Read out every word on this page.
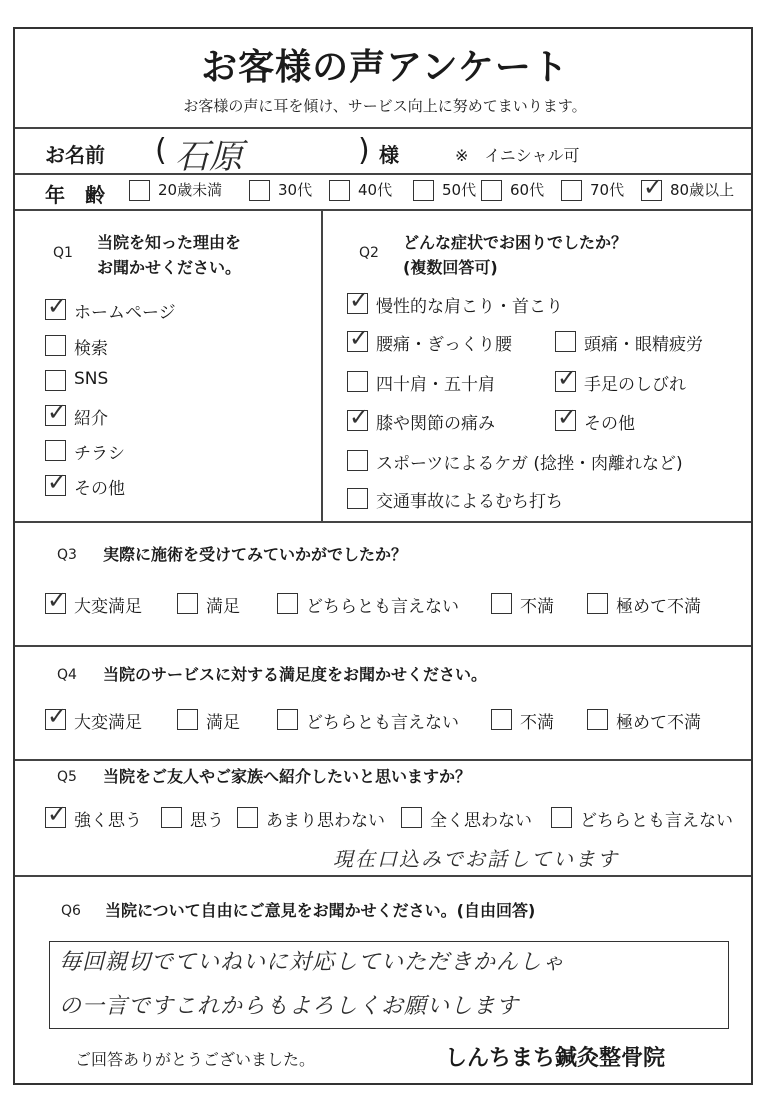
お客様の声アンケート
お客様の声に耳を傾け、サービス向上に努めてまいります。
お名前 ( 石原	) 様	※　イニシャル可
年　齢	20歳未満	30代	40代	50代 60代	70代 ✓ 80歳以上
Q1
当院を知った理由を
お聞かせください。
✓ ホームページ
検索
SNS
✓ 紹介
チラシ
✓ その他
Q2
どんな症状でお困りでしたか？
(複数回答可)
✓ 慢性的な肩こり・首こり
✓ 腰痛・ぎっくり腰	頭痛・眼精疲労
四十肩・五十肩	✓ 手足のしびれ
✓ 膝や関節の痛み	✓ その他
スポーツによるケガ (捻挫・肉離れなど)
交通事故によるむち打ち
Q3 実際に施術を受けてみていかがでしたか？
✓ 大変満足	満足	どちらとも言えない	不満	極めて不満
Q4 当院のサービスに対する満足度をお聞かせください。
✓ 大変満足	満足	どちらとも言えない	不満	極めて不満
Q5 当院をご友人やご家族へ紹介したいと思いますか？
✓ 強く思う	思う あまり思わない	全く思わない	どちらとも言えない
現在口込みでお話しています
Q6 当院について自由にご意見をお聞かせください。(自由回答)
毎回親切でていねいに対応していただきかんしゃ
の一言ですこれからもよろしくお願いします
ご回答ありがとうございました。	しんちまち鍼灸整骨院
